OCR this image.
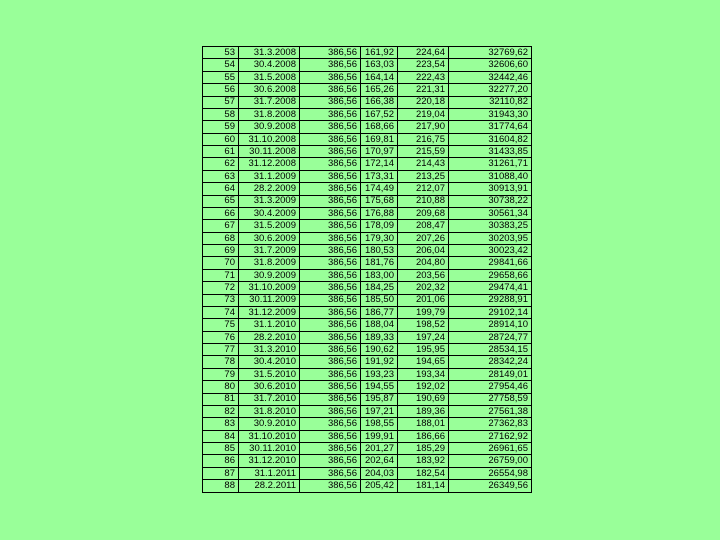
53	31.3.2008	386,56	161,92	224,64	32769,62
54	30.4.2008	386,56	163,03	223,54	32606,60
55	31.5.2008	386,56	164,14	222,43	32442,46
56	30.6.2008	386,56	165,26	221,31	32277,20
57	31.7.2008	386,56	166,38	220,18	32110,82
58	31.8.2008	386,56	167,52	219,04	31943,30
59	30.9.2008	386,56	168,66	217,90	31774,64
60	31.10.2008	386,56	169,81	216,75	31604,82
61	30.11.2008	386,56	170,97	215,59	31433,85
62	31.12.2008	386,56	172,14	214,43	31261,71
63	31.1.2009	386,56	173,31	213,25	31088,40
64	28.2.2009	386,56	174,49	212,07	30913,91
65	31.3.2009	386,56	175,68	210,88	30738,22
66	30.4.2009	386,56	176,88	209,68	30561,34
67	31.5.2009	386,56	178,09	208,47	30383,25
68	30.6.2009	386,56	179,30	207,26	30203,95
69	31.7.2009	386,56	180,53	206,04	30023,42
70	31.8.2009	386,56	181,76	204,80	29841,66
71	30.9.2009	386,56	183,00	203,56	29658,66
72	31.10.2009	386,56	184,25	202,32	29474,41
73	30.11.2009	386,56	185,50	201,06	29288,91
74	31.12.2009	386,56	186,77	199,79	29102,14
75	31.1.2010	386,56	188,04	198,52	28914,10
76	28.2.2010	386,56	189,33	197,24	28724,77
77	31.3.2010	386,56	190,62	195,95	28534,15
78	30.4.2010	386,56	191,92	194,65	28342,24
79	31.5.2010	386,56	193,23	193,34	28149,01
80	30.6.2010	386,56	194,55	192,02	27954,46
81	31.7.2010	386,56	195,87	190,69	27758,59
82	31.8.2010	386,56	197,21	189,36	27561,38
83	30.9.2010	386,56	198,55	188,01	27362,83
84	31.10.2010	386,56	199,91	186,66	27162,92
85	30.11.2010	386,56	201,27	185,29	26961,65
86	31.12.2010	386,56	202,64	183,92	26759,00
87	31.1.2011	386,56	204,03	182,54	26554,98
88	28.2.2011	386,56	205,42	181,14	26349,56
